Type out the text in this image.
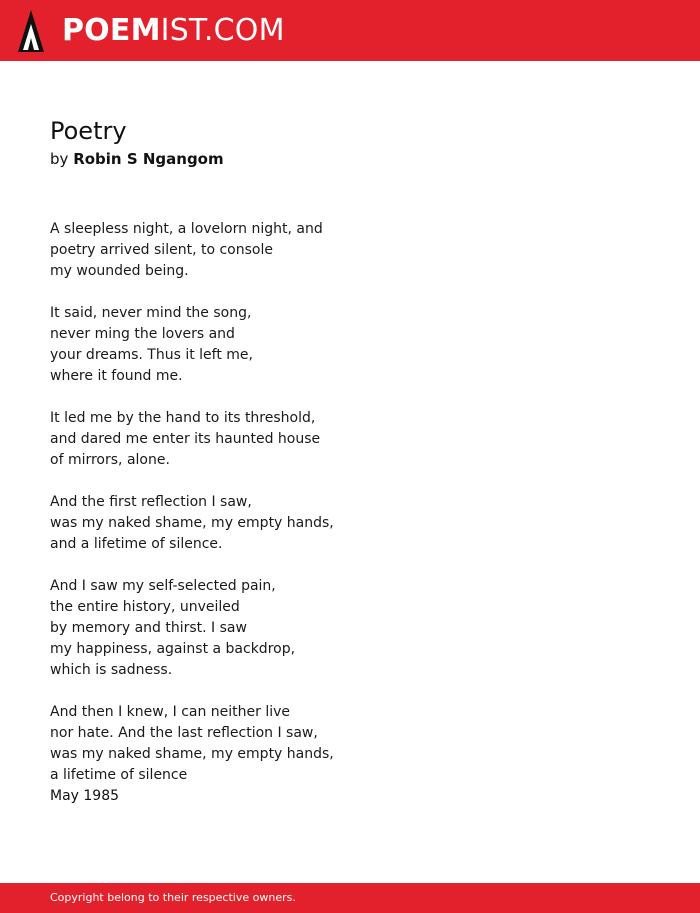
POEMIST.COM
Poetry
by Robin S Ngangom
A sleepless night, a lovelorn night, and
poetry arrived silent, to console
my wounded being.
It said, never mind the song,
never ming the lovers and
your dreams. Thus it left me,
where it found me.
It led me by the hand to its threshold,
and dared me enter its haunted house
of mirrors, alone.
And the first reflection I saw,
was my naked shame, my empty hands,
and a lifetime of silence.
And I saw my self-selected pain,
the entire history, unveiled
by memory and thirst. I saw
my happiness, against a backdrop,
which is sadness.
And then I knew, I can neither live
nor hate. And the last reflection I saw,
was my naked shame, my empty hands,
a lifetime of silence
May 1985
Copyright belong to their respective owners.
